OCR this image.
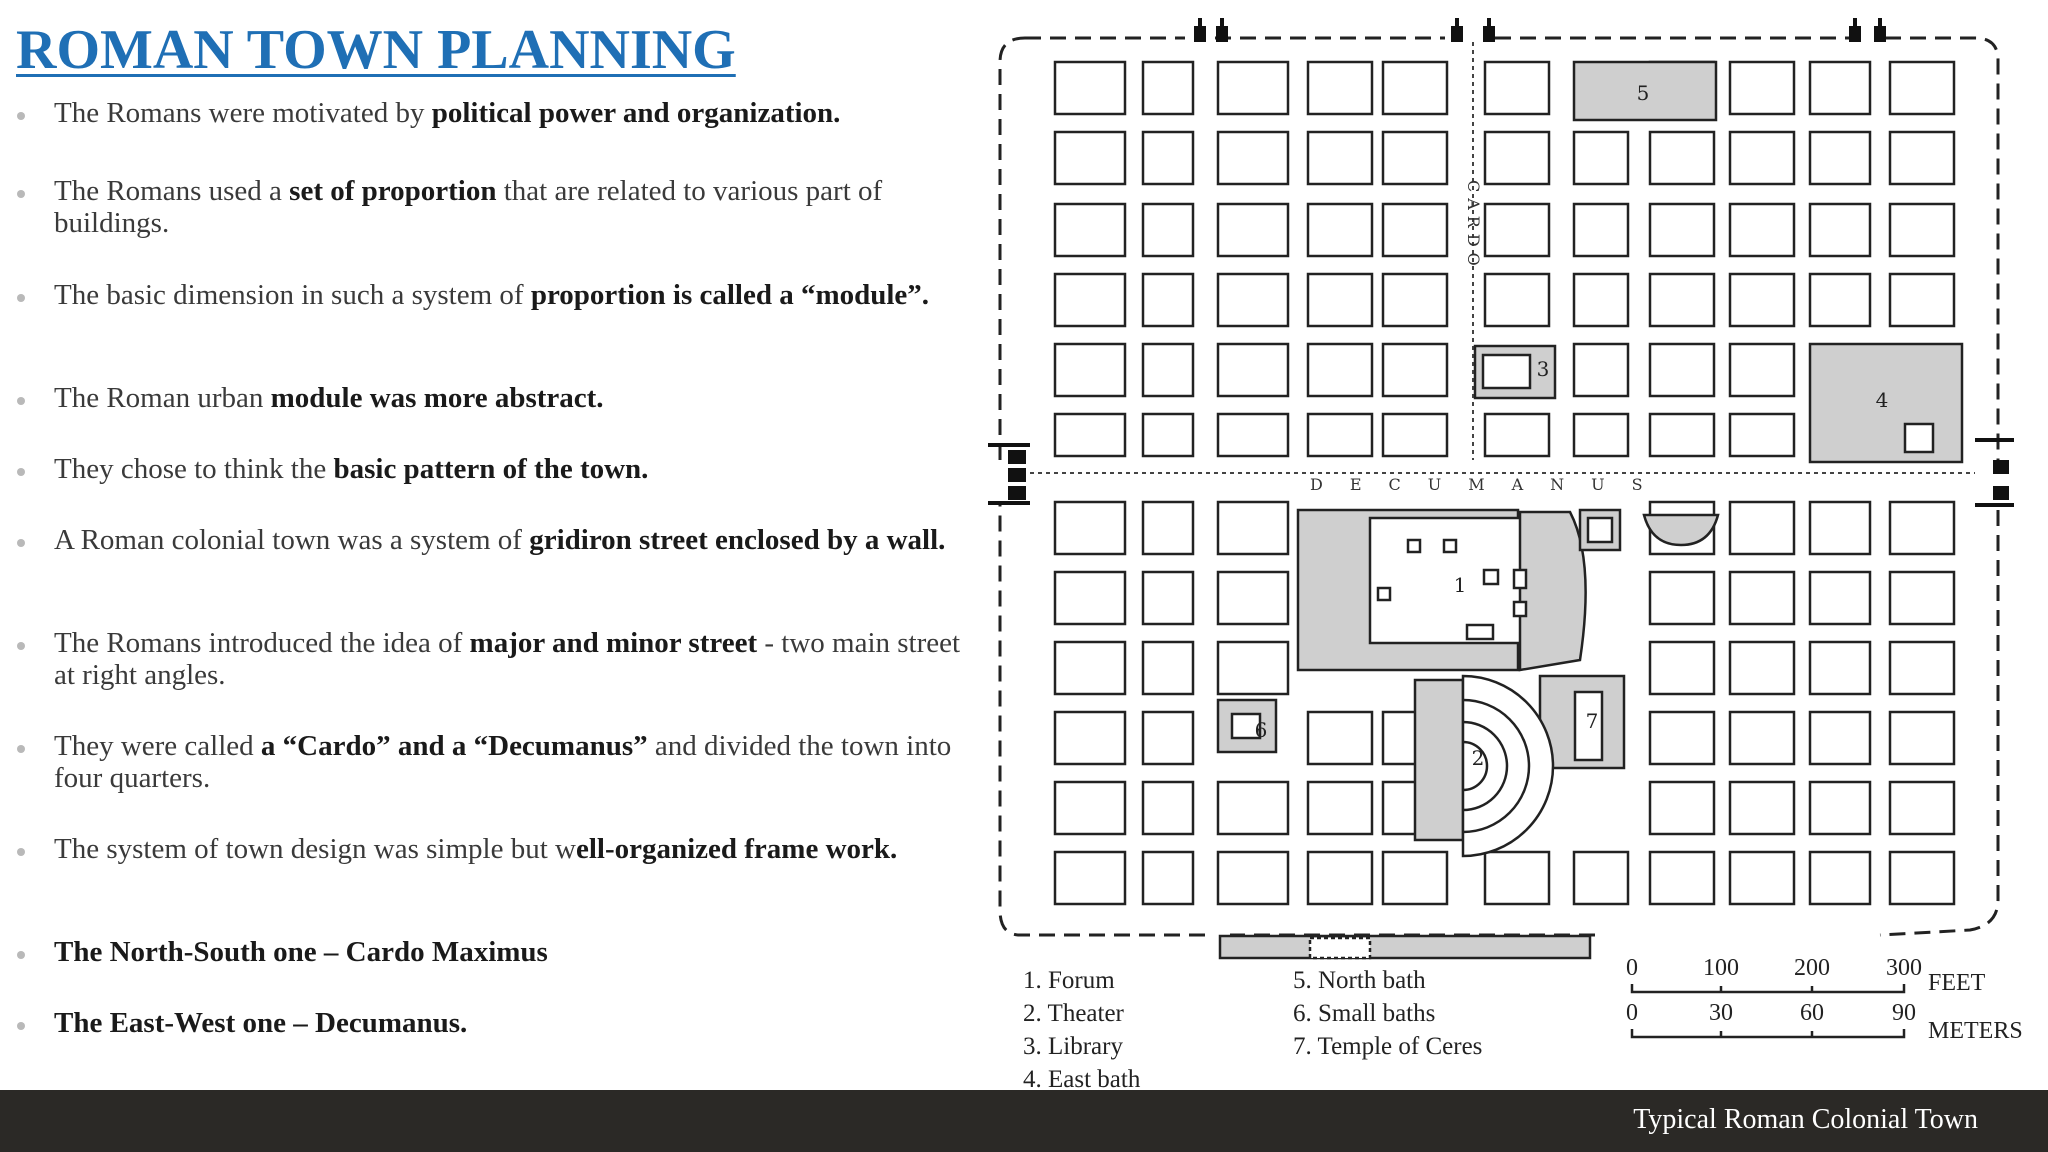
ROMAN TOWN PLANNING
The Romans were motivated by political power and organization.
The Romans used a set of proportion that are related to various part of buildings.
The basic dimension in such a system of proportion is called a “module”.
The Roman urban module was more abstract.
They chose to think the basic pattern of the town.
A Roman colonial town was a system of gridiron street enclosed by a wall.
The Romans introduced the idea of major and minor street - two main street at right angles.
They were called a “Cardo” and a “Decumanus” and divided the town into four quarters.
The system of town design was simple but well-organized frame work.
The North-South one – Cardo Maximus
The East-West one – Decumanus.
CARDO
DECUMANUS
1
2
3
4
5
6	7
1. Forum
2. Theater
3. Library
4. East bath
5. North bath
6. Small baths
7. Temple of Ceres
0	100 200 300
0	30	60	90
FEET
METERS
Typical Roman Colonial Town
